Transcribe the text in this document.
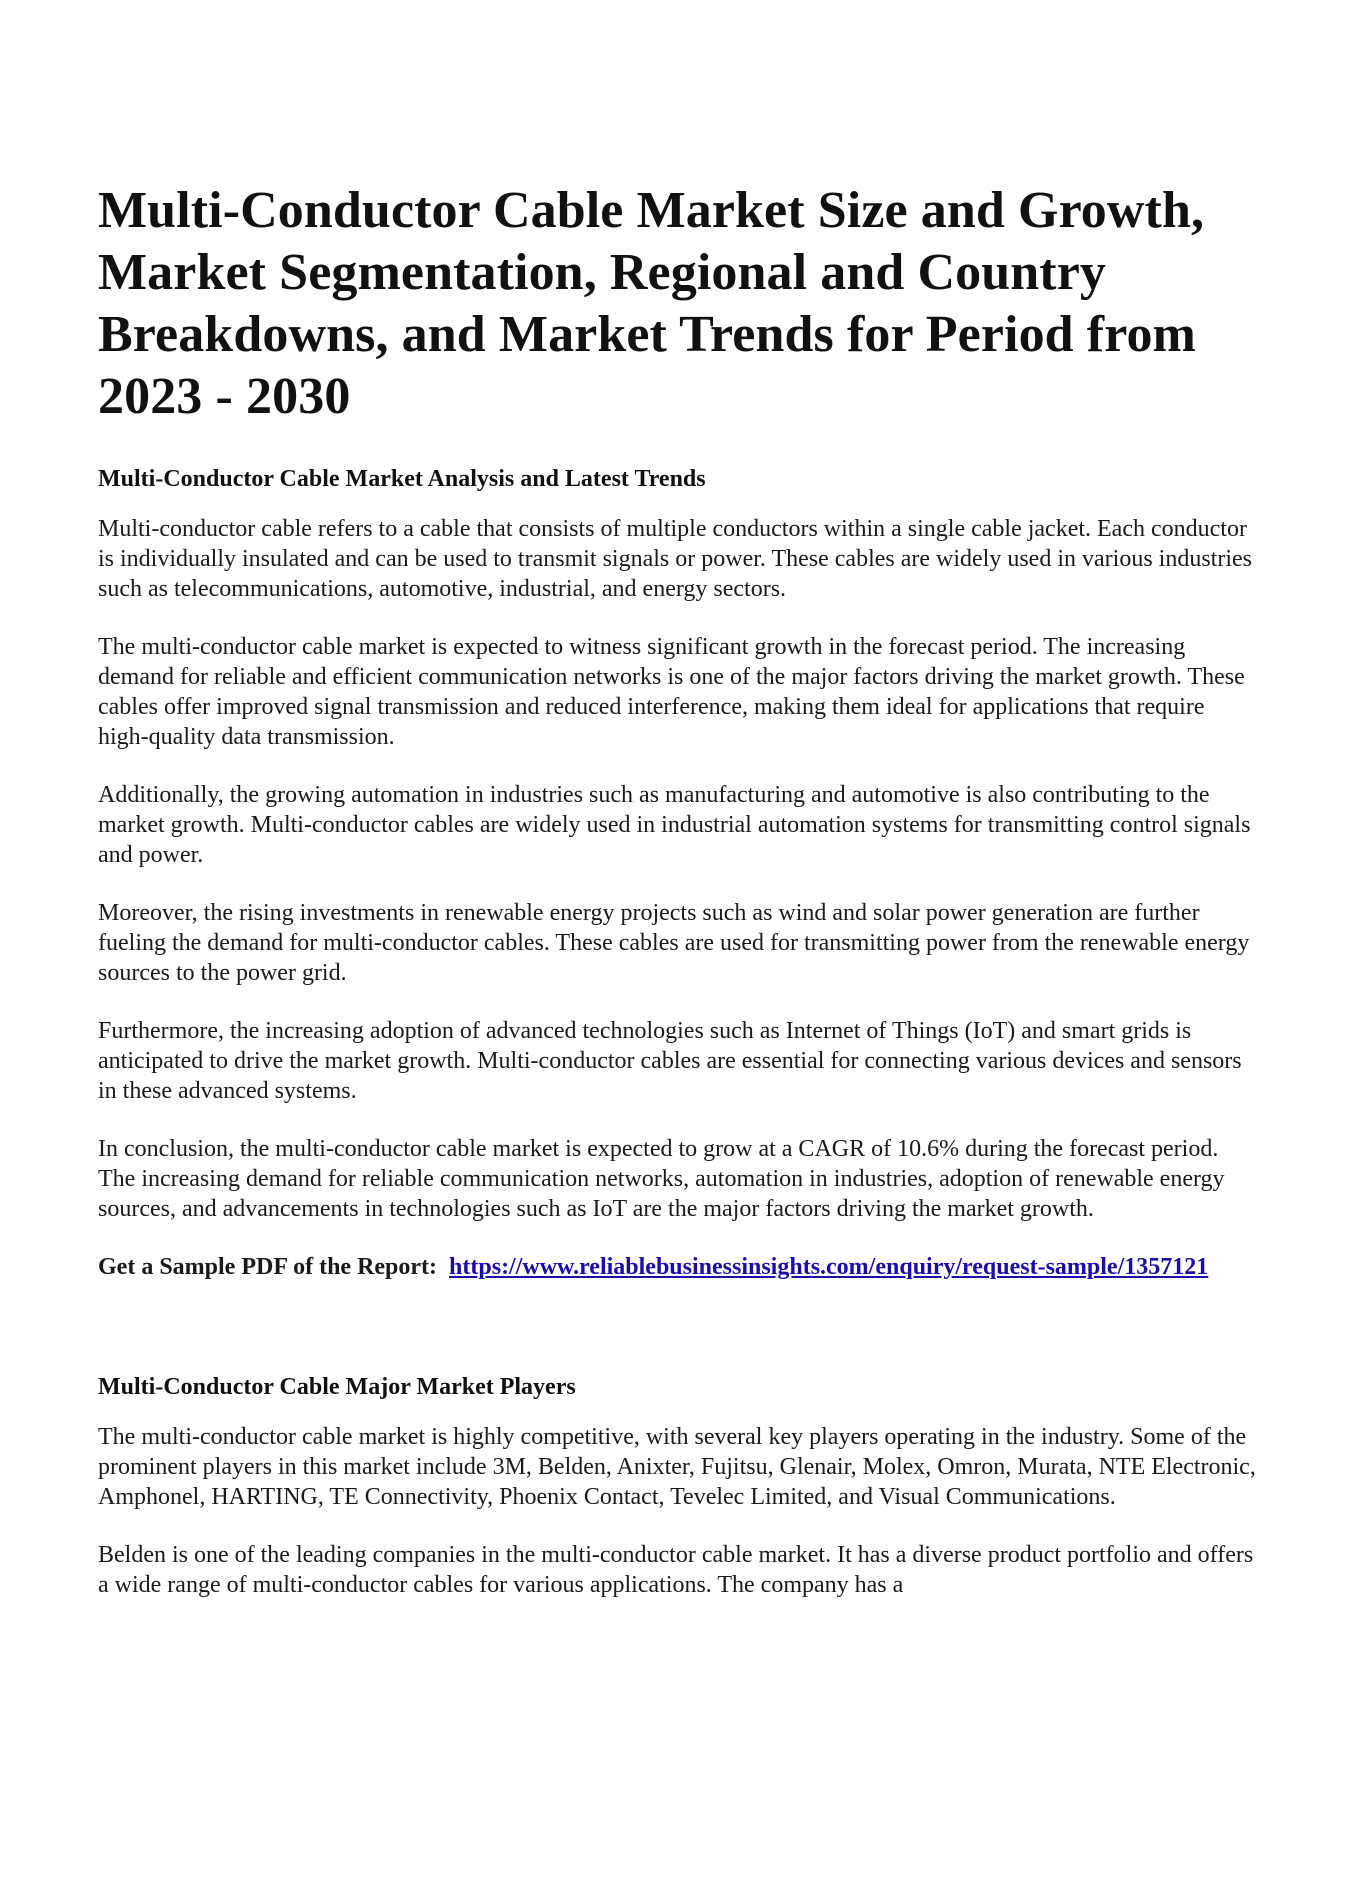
Multi-Conductor Cable Market Size and Growth, Market Segmentation, Regional and Country Breakdowns, and Market Trends for Period from 2023 - 2030
Multi-Conductor Cable Market Analysis and Latest Trends

Multi-conductor cable refers to a cable that consists of multiple conductors within a single cable jacket. Each conductor is individually insulated and can be used to transmit signals or power. These cables are widely used in various industries such as telecommunications, automotive, industrial, and energy sectors.

The multi-conductor cable market is expected to witness significant growth in the forecast period. The increasing demand for reliable and efficient communication networks is one of the major factors driving the market growth. These cables offer improved signal transmission and reduced interference, making them ideal for applications that require high-quality data transmission.

Additionally, the growing automation in industries such as manufacturing and automotive is also contributing to the market growth. Multi-conductor cables are widely used in industrial automation systems for transmitting control signals and power.

Moreover, the rising investments in renewable energy projects such as wind and solar power generation are further fueling the demand for multi-conductor cables. These cables are used for transmitting power from the renewable energy sources to the power grid.

Furthermore, the increasing adoption of advanced technologies such as Internet of Things (IoT) and smart grids is anticipated to drive the market growth. Multi-conductor cables are essential for connecting various devices and sensors in these advanced systems.

In conclusion, the multi-conductor cable market is expected to grow at a CAGR of 10.6% during the forecast period. The increasing demand for reliable communication networks, automation in industries, adoption of renewable energy sources, and advancements in technologies such as IoT are the major factors driving the market growth.

Get a Sample PDF of the Report: https://www.reliablebusinessinsights.com/enquiry/request-sample/1357121

Multi-Conductor Cable Major Market Players

The multi-conductor cable market is highly competitive, with several key players operating in the industry. Some of the prominent players in this market include 3M, Belden, Anixter, Fujitsu, Glenair, Molex, Omron, Murata, NTE Electronic, Amphonel, HARTING, TE Connectivity, Phoenix Contact, Tevelec Limited, and Visual Communications.

Belden is one of the leading companies in the multi-conductor cable market. It has a diverse product portfolio and offers a wide range of multi-conductor cables for various applications. The company has a
